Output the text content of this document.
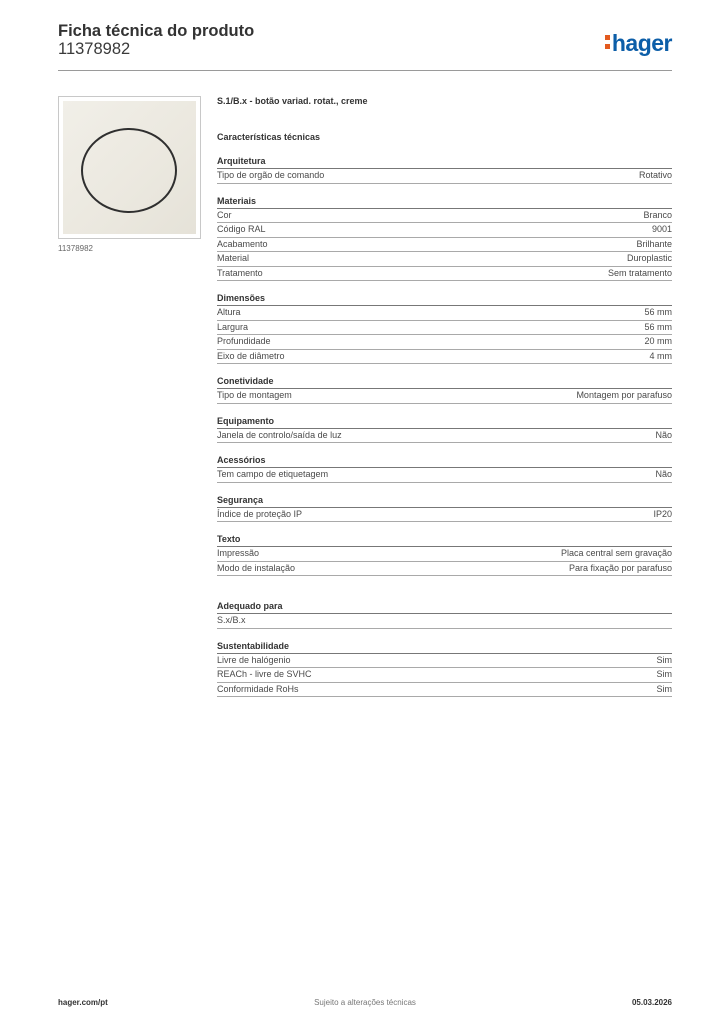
Ficha técnica do produto
11378982	hager
11378982
S.1/B.x - botão variad. rotat., creme
Características técnicas
Arquitetura
Tipo de orgão de comando	Rotativo
Materiais
Cor	Branco
Código RAL	9001
Acabamento	Brilhante
Material	Duroplastic
Tratamento	Sem tratamento
Dimensões
Altura	56 mm
Largura	56 mm
Profundidade	20 mm
Eixo de diâmetro	4 mm
Conetividade
Tipo de montagem	Montagem por parafuso
Equipamento
Janela de controlo/saída de luz	Não
Acessórios
Tem campo de etiquetagem	Não
Segurança
Índice de proteção IP	IP20
Texto
Impressão	Placa central sem gravação
Modo de instalação	Para fixação por parafuso
Adequado para
S.x/B.x
Sustentabilidade
Livre de halógenio	Sim
REACh - livre de SVHC	Sim
Conformidade RoHs	Sim
hager.com/pt	Sujeito a alterações técnicas	05.03.2026
